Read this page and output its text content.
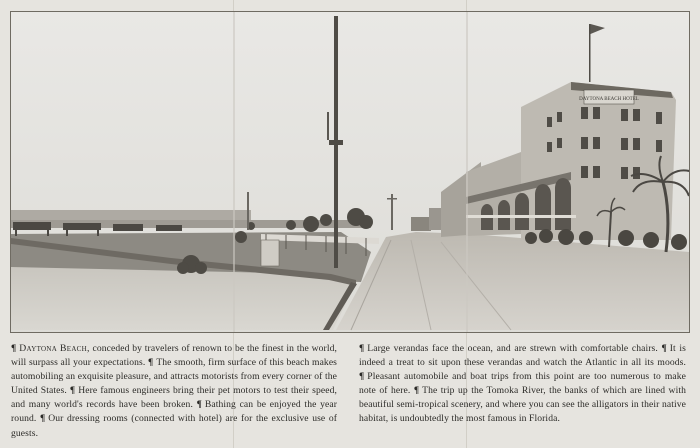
DAYTONA BEACH HOTEL
¶ Daytona Beach, conceded by travelers of renown to be the finest in the world, will surpass all your expectations. ¶ The smooth, firm surface of this beach makes automobiling an exquisite pleasure, and attracts motorists from every corner of the United States. ¶ Here famous engineers bring their pet motors to test their speed, and many world's records have been broken. ¶ Bathing can be enjoyed the year round. ¶ Our dressing rooms (connected with hotel) are for the exclusive use of guests.
¶ Large verandas face the ocean, and are strewn with comfortable chairs. ¶ It is indeed a treat to sit upon these verandas and watch the Atlantic in all its moods. ¶ Pleasant automobile and boat trips from this point are too numerous to make note of here. ¶ The trip up the Tomoka River, the banks of which are lined with beautiful semi-tropical scenery, and where you can see the alligators in their native habitat, is undoubtedly the most famous in Florida.
